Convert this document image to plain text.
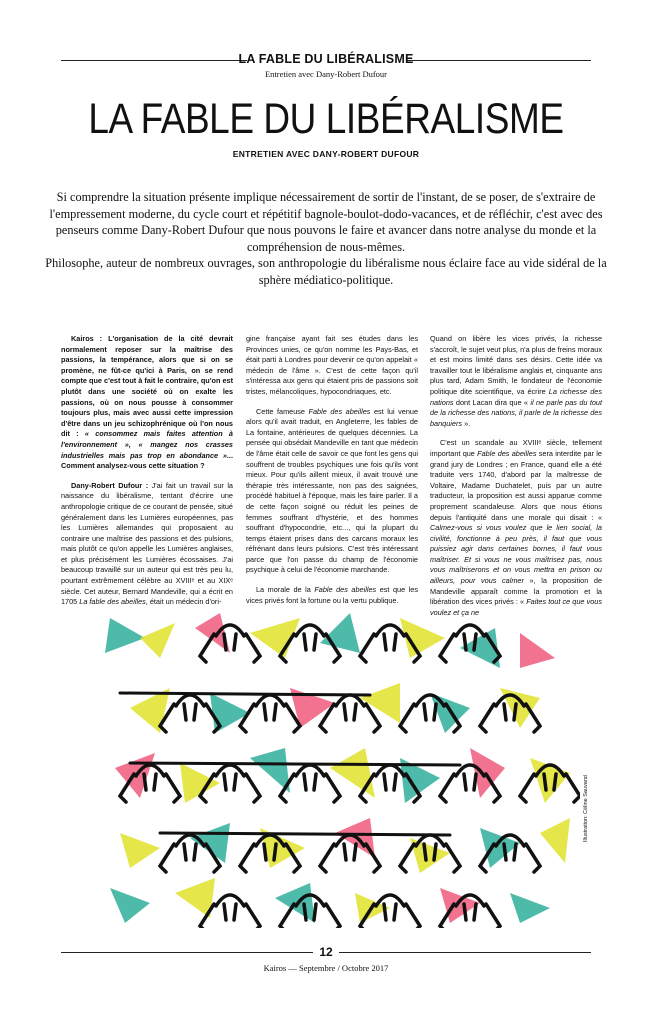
LA FABLE DU LIBÉRALISME
Entretien avec Dany-Robert Dufour
LA FABLE DU LIBÉRALISME
ENTRETIEN AVEC DANY-ROBERT DUFOUR

Si comprendre la situation présente implique nécessairement de sortir de l'instant, de se poser, de s'extraire de l'empressement moderne, du cycle court et répétitif bagnole-boulot-dodo-vacances, et de réfléchir, c'est avec des penseurs comme Dany-Robert Dufour que nous pouvons le faire et avancer dans notre analyse du monde et la compréhension de nous-mêmes.

Philosophe, auteur de nombreux ouvrages, son anthropologie du libéralisme nous éclaire face au vide sidéral de la sphère médiatico-politique.

Kairos : L'organisation de la cité devrait normalement reposer sur la maîtrise des passions, la tempérance, alors que si on se promène, ne fût-ce qu'ici à Paris, on se rend compte que c'est tout à fait le contraire, qu'on est plutôt dans une société où on exalte les passions, où on nous pousse à consommer toujours plus, mais avec aussi cette impression d'être dans un jeu schizophrénique où l'on nous dit : « consommez mais faites attention à l'environnement », « mangez nos crasses industrielles mais pas trop en abondance »... Comment analysez-vous cette situation ?

Dany-Robert Dufour : J'ai fait un travail sur la naissance du libéralisme, tentant d'écrire une anthropologie critique de ce courant de pensée, situé généralement dans les Lumières européennes, pas les Lumières allemandes qui proposaient au contraire une maîtrise des passions et des pulsions, mais plutôt ce qu'on appelle les Lumières anglaises, et plus précisément les Lumières écossaises. J'ai beaucoup travaillé sur un auteur qui est très peu lu, pourtant extrêmement célèbre au XVIIIᵉ et au XIXᵉ siècle. Cet auteur, Bernard Mandeville, qui a écrit en 1705 La fable des abeilles, était un médecin d'ori-

gine française ayant fait ses études dans les Provinces unies, ce qu'on nomme les Pays-Bas, et était parti à Londres pour devenir ce qu'on appelait « médecin de l'âme ». C'est de cette façon qu'il s'intéressa aux gens qui étaient pris de passions soit tristes, mélancoliques, hypocondriaques, etc.

Cette fameuse Fable des abeilles est lui venue alors qu'il avait traduit, en Angleterre, les fables de La fontaine, antérieures de quelques décennies. La pensée qui obsédait Mandeville en tant que médecin de l'âme était celle de savoir ce que font les gens qui souffrent de troubles psychiques une fois qu'ils vont mieux. Pour qu'ils aillent mieux, il avait trouvé une thérapie très intéressante, non pas des saignées, procédé habituel à l'époque, mais les faire parler. Il a de cette façon soigné ou réduit les peines de femmes souffrant d'hystérie, et des hommes souffrant d'hypocondrie, etc..., qui la plupart du temps étaient prises dans des carcans moraux les réfrénant dans leurs pulsions. C'est très intéressant parce que l'on passe du champ de l'économie psychique à celui de l'économie marchande.

La morale de la Fable des abeilles est que les vices privés font la fortune ou la vertu publique.

Quand on libère les vices privés, la richesse s'accroît, le sujet veut plus, n'a plus de freins moraux et est moins limité dans ses désirs. Cette idée va travailler tout le libéralisme anglais et, cinquante ans plus tard, Adam Smith, le fondateur de l'économie politique dite scientifique, va écrire La richesse des nations dont Lacan dira que « il ne parle pas du tout de la richesse des nations, il parle de la richesse des banquiers ».

C'est un scandale au XVIIIᵉ siècle, tellement important que Fable des abeilles sera interdite par le grand jury de Londres ; en France, quand elle a été traduite vers 1740, d'abord par la maîtresse de Voltaire, Madame Duchatelet, puis par un autre traducteur, la proposition est aussi apparue comme proprement scandaleuse. Alors que nous étions depuis l'antiquité dans une morale qui disait : « Calmez-vous si vous voulez que le lien social, la civilité, fonctionne à peu près, il faut que vous puissiez agir dans certaines bornes, il faut vous maîtriser. Et si vous ne vous maîtrisez pas, nous vous maîtriserons et on vous mettra en prison ou ailleurs, pour vous calmer », la proposition de Mandeville apparaît comme la promotion et la libération des vices privés : « Faites tout ce que vous voulez et ça ne

Illustration: Céline Sauvand
12
Kairos — Septembre / Octobre 2017
